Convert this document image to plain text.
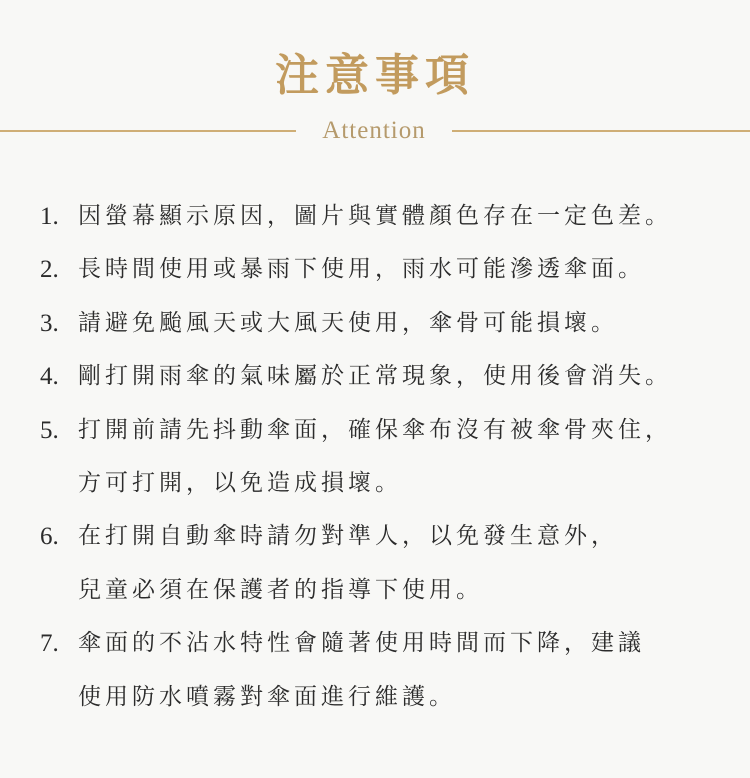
注意事項
Attention
1. 因螢幕顯示原因，圖片與實體顏色存在一定色差。
2. 長時間使用或暴雨下使用，雨水可能滲透傘面。
3. 請避免颱風天或大風天使用，傘骨可能損壞。
4. 剛打開雨傘的氣味屬於正常現象，使用後會消失。
5. 打開前請先抖動傘面，確保傘布沒有被傘骨夾住，
方可打開，以免造成損壞。
6. 在打開自動傘時請勿對準人，以免發生意外，
兒童必須在保護者的指導下使用。
7. 傘面的不沾水特性會隨著使用時間而下降，建議
使用防水噴霧對傘面進行維護。
